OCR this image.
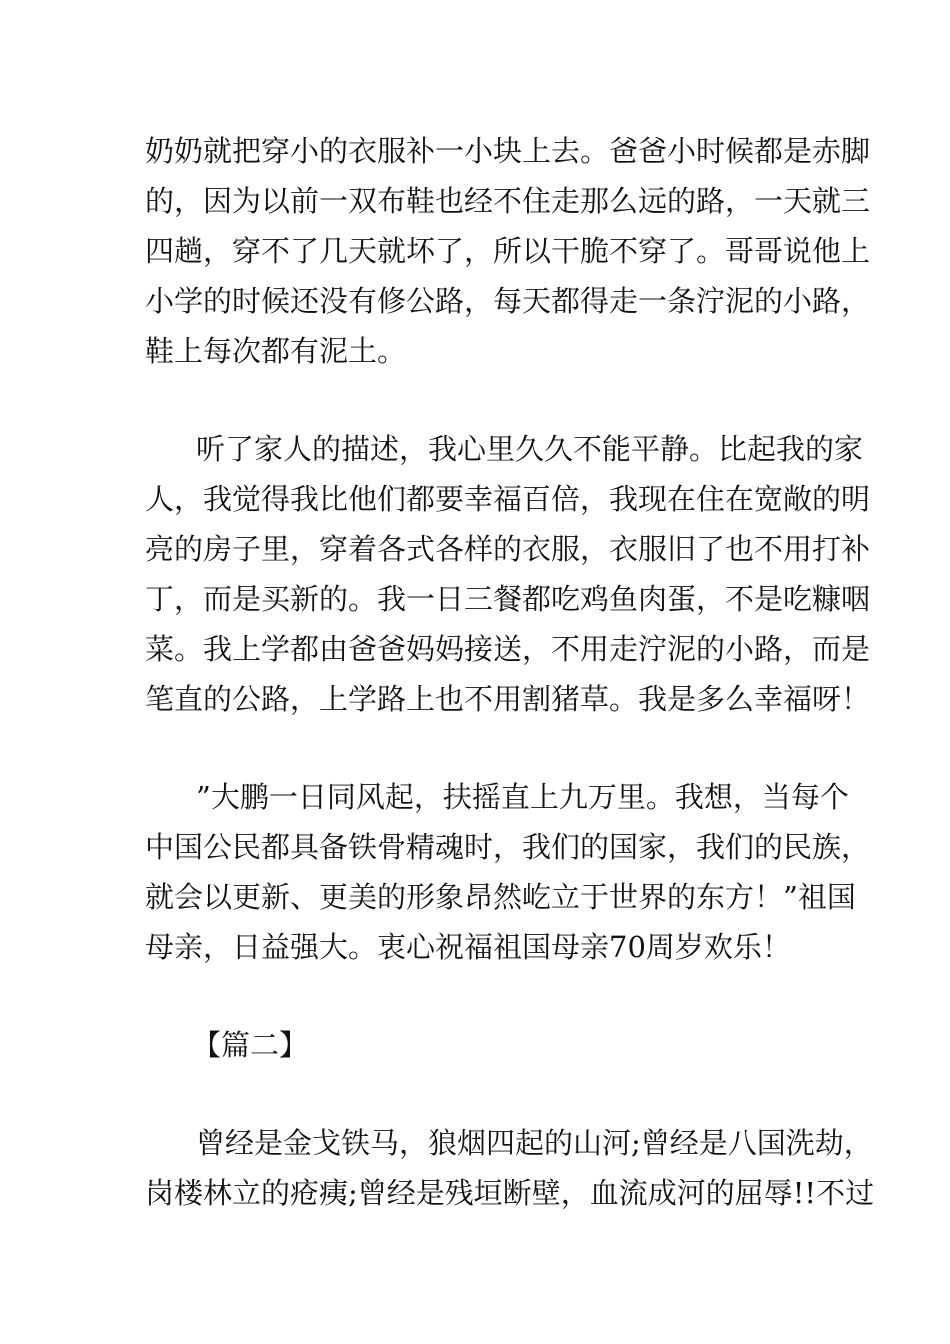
奶奶就把穿小的衣服补一小块上去。爸爸小时候都是赤脚
的，因为以前一双布鞋也经不住走那么远的路，一天就三
四趟，穿不了几天就坏了，所以干脆不穿了。哥哥说他上
小学的时候还没有修公路，每天都得走一条泞泥的小路，
鞋上每次都有泥土。
听了家人的描述，我心里久久不能平静。比起我的家
人，我觉得我比他们都要幸福百倍，我现在住在宽敞的明
亮的房子里，穿着各式各样的衣服，衣服旧了也不用打补
丁，而是买新的。我一日三餐都吃鸡鱼肉蛋，不是吃糠咽
菜。我上学都由爸爸妈妈接送，不用走泞泥的小路，而是
笔直的公路，上学路上也不用割猪草。我是多么幸福呀！
”大鹏一日同风起，扶摇直上九万里。我想，当每个
中国公民都具备铁骨精魂时，我们的国家，我们的民族，
就会以更新、更美的形象昂然屹立于世界的东方！”祖国
母亲，日益强大。衷心祝福祖国母亲70周岁欢乐！
【篇二】
曾经是金戈铁马，狼烟四起的山河;曾经是八国洗劫，
岗楼林立的疮痍;曾经是残垣断壁，血流成河的屈辱!!不过
